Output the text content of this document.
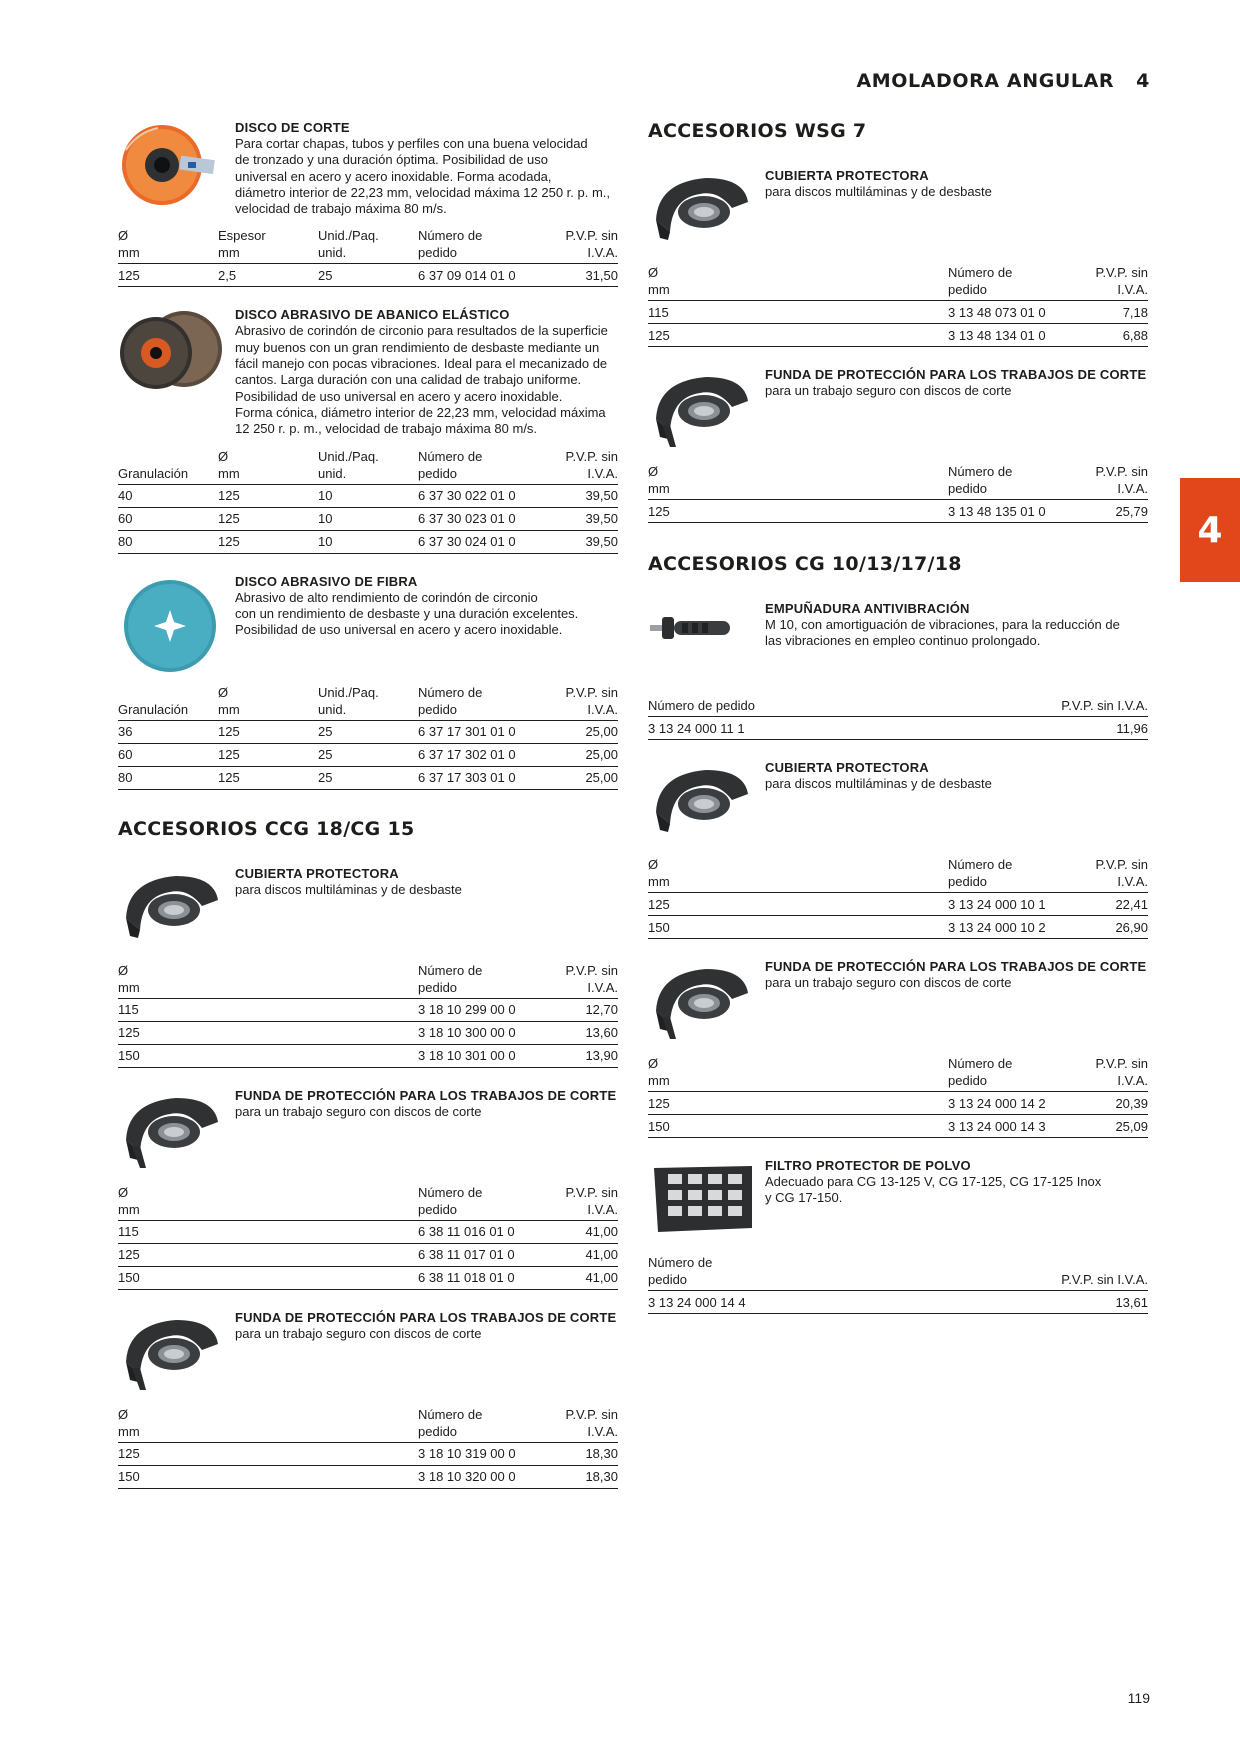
AMOLADORA ANGULAR 4
4
DISCO DE CORTE
Para cortar chapas, tubos y perfiles con una buena velocidad
de tronzado y una duración óptima. Posibilidad de uso
universal en acero y acero inoxidable. Forma acodada,
diámetro interior de 22,23 mm, velocidad máxima 12 250 r. p. m.,
velocidad de trabajo máxima 80 m/s.
Ø
mm	Espesor
mm	Unid./Paq.
unid.	Número de
pedido	P.V.P. sin I.V.A.
125	2,5	25	6 37 09 014 01 0	31,50
DISCO ABRASIVO DE ABANICO ELÁSTICO
Abrasivo de corindón de circonio para resultados de la superficie
muy buenos con un gran rendimiento de desbaste mediante un
fácil manejo con pocas vibraciones. Ideal para el mecanizado de
cantos. Larga duración con una calidad de trabajo uniforme.
Posibilidad de uso universal en acero y acero inoxidable.
Forma cónica, diámetro interior de 22,23 mm, velocidad máxima
12 250 r. p. m., velocidad de trabajo máxima 80 m/s.
Granulación	Ø
mm	Unid./Paq.
unid.	Número de
pedido	P.V.P. sin I.V.A.
40	125	10	6 37 30 022 01 0	39,50
60	125	10	6 37 30 023 01 0	39,50
80	125	10	6 37 30 024 01 0	39,50
DISCO ABRASIVO DE FIBRA
Abrasivo de alto rendimiento de corindón de circonio
con un rendimiento de desbaste y una duración excelentes.
Posibilidad de uso universal en acero y acero inoxidable.
Granulación	Ø
mm	Unid./Paq.
unid.	Número de
pedido	P.V.P. sin I.V.A.
36	125	25	6 37 17 301 01 0	25,00
60	125	25	6 37 17 302 01 0	25,00
80	125	25	6 37 17 303 01 0	25,00
ACCESORIOS CCG 18/CG 15
CUBIERTA PROTECTORA
para discos multiláminas y de desbaste
Ø
mm	Número de
pedido	P.V.P. sin I.V.A.
115	3 18 10 299 00 0	12,70
125	3 18 10 300 00 0	13,60
150	3 18 10 301 00 0	13,90
FUNDA DE PROTECCIÓN PARA LOS TRABAJOS DE CORTE
para un trabajo seguro con discos de corte
Ø
mm	Número de
pedido	P.V.P. sin I.V.A.
115	6 38 11 016 01 0	41,00
125	6 38 11 017 01 0	41,00
150	6 38 11 018 01 0	41,00
FUNDA DE PROTECCIÓN PARA LOS TRABAJOS DE CORTE
para un trabajo seguro con discos de corte
Ø
mm	Número de
pedido	P.V.P. sin I.V.A.
125	3 18 10 319 00 0	18,30
150	3 18 10 320 00 0	18,30
ACCESORIOS WSG 7
CUBIERTA PROTECTORA
para discos multiláminas y de desbaste
Ø
mm	Número de
pedido	P.V.P. sin I.V.A.
115	3 13 48 073 01 0	7,18
125	3 13 48 134 01 0	6,88
FUNDA DE PROTECCIÓN PARA LOS TRABAJOS DE CORTE
para un trabajo seguro con discos de corte
Ø
mm	Número de
pedido	P.V.P. sin I.V.A.
125	3 13 48 135 01 0	25,79
ACCESORIOS CG 10/13/17/18
EMPUÑADURA ANTIVIBRACIÓN
M 10, con amortiguación de vibraciones, para la reducción de
las vibraciones en empleo continuo prolongado.
Número de pedido	P.V.P. sin I.V.A.
3 13 24 000 11 1	11,96
CUBIERTA PROTECTORA
para discos multiláminas y de desbaste
Ø
mm	Número de
pedido	P.V.P. sin I.V.A.
125	3 13 24 000 10 1	22,41
150	3 13 24 000 10 2	26,90
FUNDA DE PROTECCIÓN PARA LOS TRABAJOS DE CORTE
para un trabajo seguro con discos de corte
Ø
mm	Número de
pedido	P.V.P. sin I.V.A.
125	3 13 24 000 14 2	20,39
150	3 13 24 000 14 3	25,09
FILTRO PROTECTOR DE POLVO
Adecuado para CG 13-125 V, CG 17-125, CG 17-125 Inox
y CG 17-150.
Número de
pedido	P.V.P. sin I.V.A.
3 13 24 000 14 4	13,61
119
